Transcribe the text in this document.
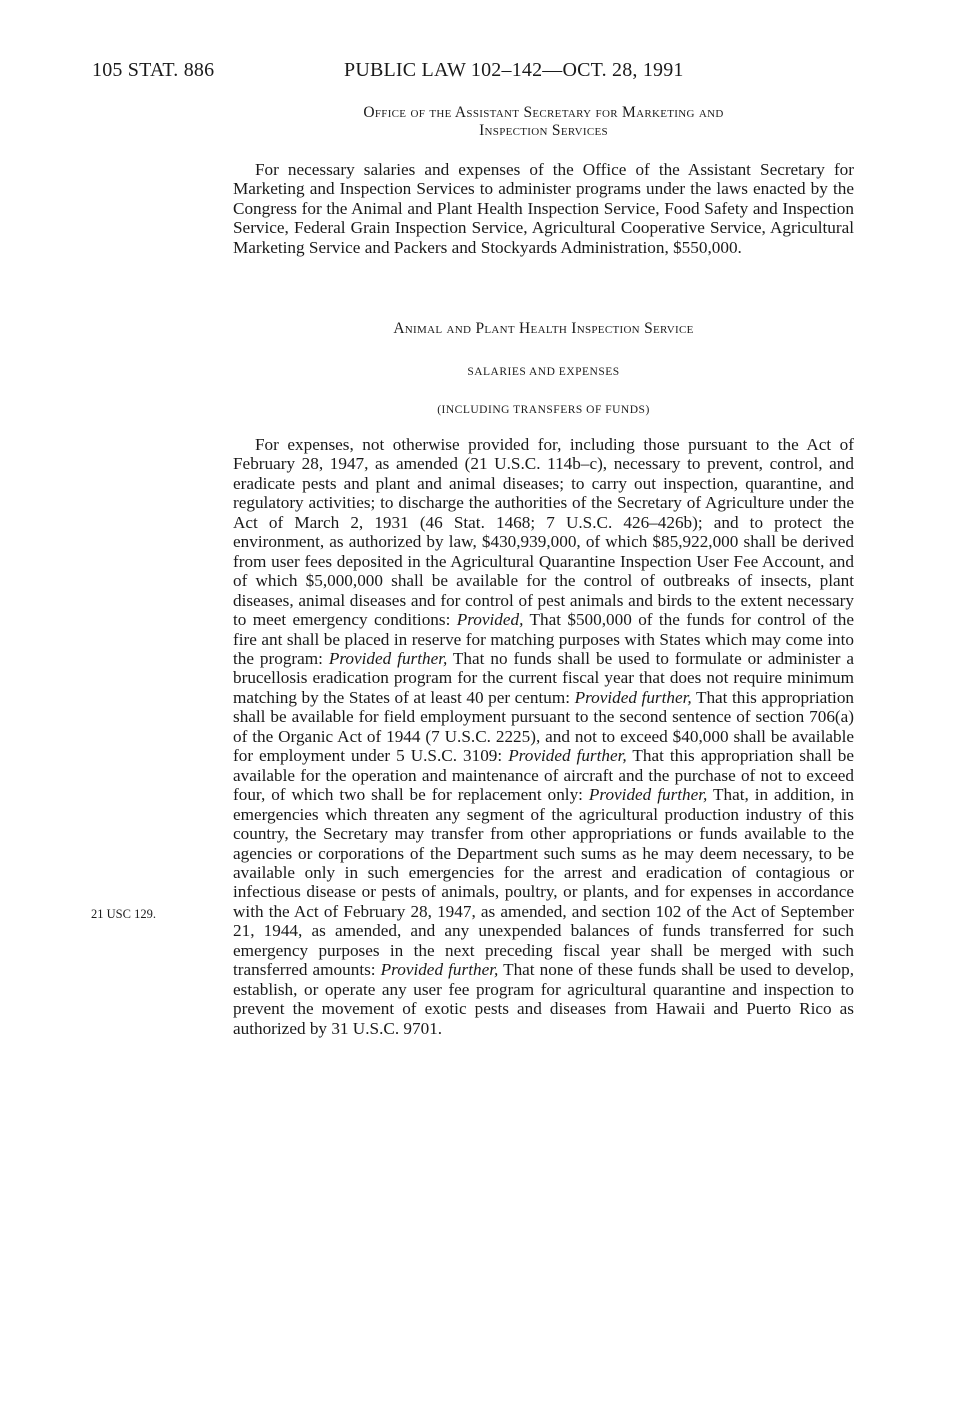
105 STAT. 886	PUBLIC LAW 102–142—OCT. 28, 1991
Office of the Assistant Secretary for Marketing and
Inspection Services

For necessary salaries and expenses of the Office of the Assistant Secretary for Marketing and Inspection Services to administer programs under the laws enacted by the Congress for the Animal and Plant Health Inspection Service, Food Safety and Inspection Service, Federal Grain Inspection Service, Agricultural Cooperative Service, Agricultural Marketing Service and Packers and Stockyards Administration, $550,000.

Animal and Plant Health Inspection Service
SALARIES AND EXPENSES
(INCLUDING TRANSFERS OF FUNDS)

For expenses, not otherwise provided for, including those pursuant to the Act of February 28, 1947, as amended (21 U.S.C. 114b–c), necessary to prevent, control, and eradicate pests and plant and animal diseases; to carry out inspection, quarantine, and regulatory activities; to discharge the authorities of the Secretary of Agriculture under the Act of March 2, 1931 (46 Stat. 1468; 7 U.S.C. 426–426b); and to protect the environment, as authorized by law, $430,939,000, of which $85,922,000 shall be derived from user fees deposited in the Agricultural Quarantine Inspection User Fee Account, and of which $5,000,000 shall be available for the control of outbreaks of insects, plant diseases, animal diseases and for control of pest animals and birds to the extent necessary to meet emergency conditions: Provided, That $500,000 of the funds for control of the fire ant shall be placed in reserve for matching purposes with States which may come into the program: Provided further, That no funds shall be used to formulate or administer a brucellosis eradication program for the current fiscal year that does not require minimum matching by the States of at least 40 per centum: Provided further, That this appropriation shall be available for field employment pursuant to the second sentence of section 706(a) of the Organic Act of 1944 (7 U.S.C. 2225), and not to exceed $40,000 shall be available for employment under 5 U.S.C. 3109: Provided further, That this appropriation shall be available for the operation and maintenance of aircraft and the purchase of not to exceed four, of which two shall be for replacement only: Provided further, That, in addition, in emergencies which threaten any segment of the agricultural production industry of this country, the Secretary may transfer from other appropriations or funds available to the agencies or corporations of the Department such sums as he may deem necessary, to be available only in such emergencies for the arrest and eradication of contagious or infectious disease or pests of animals, poultry, or plants, and for expenses in accordance with the Act of February 28, 1947, as amended, and section 102 of the Act of September 21, 1944, as amended, and any unexpended balances of funds transferred for such emergency purposes in the next preceding fiscal year shall be merged with such transferred amounts: Provided further, That none of these funds shall be used to develop, establish, or operate any user fee program for agricultural quarantine and inspection to prevent the movement of exotic pests and diseases from Hawaii and Puerto Rico as authorized by 31 U.S.C. 9701.

21 USC 129.
